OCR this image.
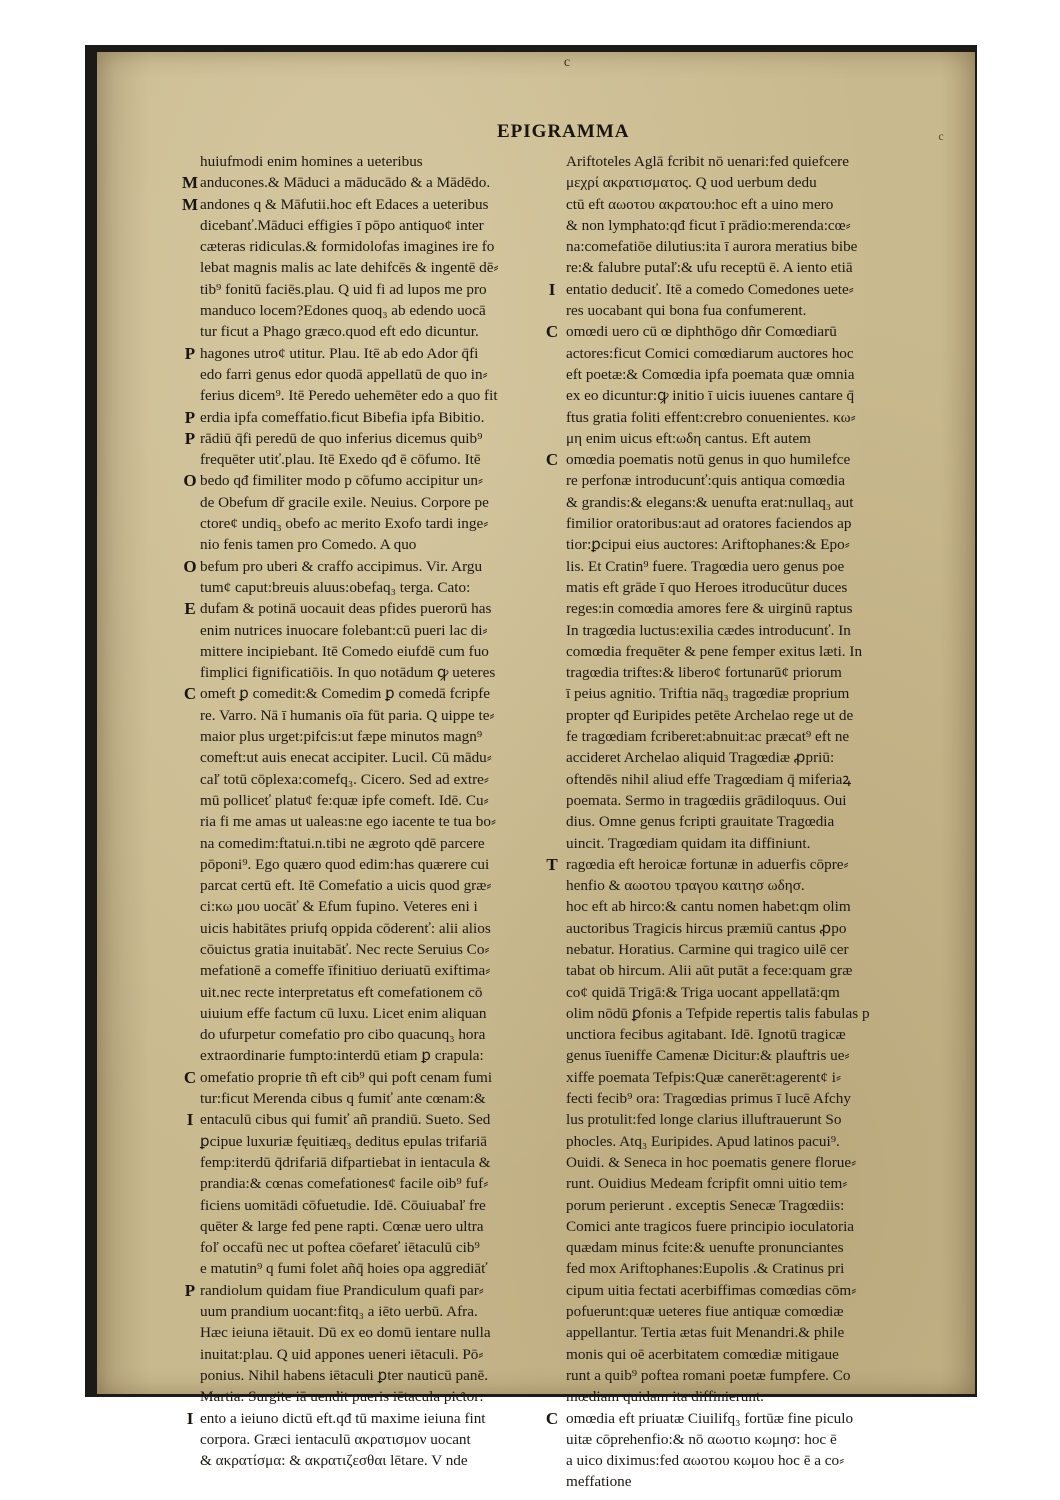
EPIGRAMMA
c
c
huiufmodi enim homines a ueteribus
M anducones.& Māduci a māducādo & a Mādēdo.
M andones q & Māfutii.hoc eft Edaces a ueteribus
dicebanť.Māduci effigies ī pōpo antiquo¢ inter
cæteras ridiculas.& formidolofas imagines ire fo
lebat magnis malis ac late dehifcēs & ingentē dē⸗
tib⁹ fonitū faciēs.plau. Q uid fi ad lupos me pro
manduco locem?Edones quoq₃ ab edendo uocā
tur ficut a Phago græco.quod eft edo dicuntur.
P hagones utro¢ utitur. Plau. Itē ab edo Ador q̄fi
edo farri genus edor quodā appellatū de quo in⸗
ferius dicem⁹. Itē Peredo uehemēter edo a quo fit
P erdia ipfa comeffatio.ficut Bibefia ipfa Bibitio.
P rādiū q̄fi peredū de quo inferius dicemus quib⁹
frequēter utiť.plau. Itē Exedo qđ ē cōfumo. Itē
O bedo qđ fimiliter modo p cōfumo accipitur un⸗
de Obefum dř gracile exile. Neuius. Corpore pe
ctore¢ undiq₃ obefo ac merito Exofo tardi inge⸗
nio fenis tamen pro Comedo. A quo
O befum pro uberi & craffo accipimus. Vir. Argu
tum¢ caput:breuis aluus:obefaq₃ terga. Cato:
E dufam & potinā uocauit deas pfides puerorū has
enim nutrices inuocare folebant:cū pueri lac di⸗
mittere incipiebant. Itē Comedo eiufdē cum fuo
fimplici fignificatiōis. In quo notādum ꝙ ueteres
C omeft ꝑ comedit:& Comedim ꝑ comedā fcripfe
re. Varro. Nā ī humanis oīa fūt paria. Q uippe te⸗
maior plus urget:pifcis:ut fæpe minutos magn⁹
comeft:ut auis enecat accipiter. Lucil. Cū mādu⸗
caľ totū cōplexa:comefq₃. Cicero. Sed ad extre⸗
mū polliceť platu¢ fe:quæ ipfe comeft. Idē. Cu⸗
ria fi me amas ut ualeas:ne ego iacente te tua bo⸗
na comedim:ftatui.n.tibi ne ægroto qdē parcere
pōponi⁹. Ego quæro quod edim:has quærere cui
parcat certū eft. Itē Comefatio a uicis quod græ⸗
ci:κω μου uocāť & Efum fupino. Veteres eni i
uicis habitātes priufq oppida cōderenť: alii alios
cōuictus gratia inuitabāť. Nec recte Seruius Co⸗
mefationē a comeffe īfinitiuo deriuatū exiftima⸗
uit.nec recte interpretatus eft comefationem cō
uiuium effe factum cū luxu. Licet enim aliquan
do ufurpetur comefatio pro cibo quacunq₃ hora
extraordinarie fumpto:interdū etiam ꝑ crapula:
C omefatio proprie tñ eft cib⁹ qui poft cenam fumi
tur:ficut Merenda cibus q fumiť ante cœnam:&
I entaculū cibus qui fumiť añ prandiū. Sueto. Sed
ꝑcipue luxuriæ fęuitiæq₃ deditus epulas trifariā
femp:iterdū q̄drifariā difpartiebat in ientacula &
prandia:& cœnas comefationes¢ facile oib⁹ fuf⸗
ficiens uomitādi cōfuetudie. Idē. Cōuiuabaľ fre
quēter & large fed pene rapti. Cœnæ uero ultra
foľ occafū nec ut poftea cōefareť iētaculū cib⁹
e matutin⁹ q fumi folet añq̄ hoies opa aggrediāť
P randiolum quidam fiue Prandiculum quafi par⸗
uum prandium uocant:fitq₃ a iēto uerbū. Afra.
Hæc ieiuna iētauit. Dū ex eo domū ientare nulla
inuitat:plau. Q uid appones ueneri iētaculi. Pō⸗
ponius. Nihil habens iētaculi ꝑter nauticū panē.
Martia. Surgite iā uendit pueris iētacula piƈtor:
I ento a ieiuno dictū eft.qđ tū maxime ieiuna fint
corpora. Græci ientaculū ακρατισμον uocant
& ακρατίσμα: & ακρατιζεσθαι lētare. V nde
Ariftoteles Aglā fcribit nō uenari:fed quiefcere
μεχρί ακρατισματος. Q uod uerbum dedu
ctū eft αωοτου ακρατου:hoc eft a uino mero
& non lymphato:qđ ficut ī prādio:merenda:cœ⸗
na:comefatiōe dilutius:ita ī aurora meratius bibe
re:& falubre putaľ:& ufu receptū ē. A iento etiā
I entatio deduciť. Itē a comedo Comedones uete⸗
res uocabant qui bona fua confumerent.
C omœdi uero cū œ diphthōgo dñr Comœdiarū
actores:ficut Comici comœdiarum auctores hoc
eft poetæ:& Comœdia ipfa poemata quæ omnia
ex eo dicuntur:ꝙ initio ī uicis iuuenes cantare q̄
ftus gratia foliti effent:crebro conuenientes. κω⸗
μη enim uicus eft:ωδη cantus. Eft autem
C omœdia poematis notū genus in quo humilefce
re perfonæ introducunť:quis antiqua comœdia
& grandis:& elegans:& uenufta erat:nullaq₃ aut
fimilior oratoribus:aut ad oratores faciendos ap
tior:ꝑcipui eius auctores: Ariftophanes:& Epo⸗
lis. Et Cratin⁹ fuere. Tragœdia uero genus poe
matis eft grāde ī quo Heroes itroducūtur duces
reges:in comœdia amores fere & uirginū raptus
In tragœdia luctus:exilia cædes introducunť. In
comœdia frequēter & pene femper exitus læti. In
tragœdia triftes:& libero¢ fortunarū¢ priorum
ī peius agnitio. Triftia nāq₃ tragœdiæ proprium
propter qđ Euripides petēte Archelao rege ut de
fe tragœdiam fcriberet:abnuit:ac præcat⁹ eft ne
accideret Archelao aliquid Tragœdiæ ꝓpriū:
oftendēs nihil aliud effe Tragœdiam q̄ miferiaꝝ
poemata. Sermo in tragœdiis grādiloquus. Oui
dius. Omne genus fcripti grauitate Tragœdia
uincit. Tragœdiam quidam ita diffiniunt.
T ragœdia eft heroicæ fortunæ in aduerfis cōpre⸗
henfio & αωοτου τραγου καιτησ ωδησ.
hoc eft ab hirco:& cantu nomen habet:qm olim
auctoribus Tragicis hircus præmiū cantus ꝓpo
nebatur. Horatius. Carmine qui tragico uilē cer
tabat ob hircum. Alii aūt putāt a fece:quam græ
co¢ quidā Trigā:& Triga uocant appellatā:qm
olim nōdū ꝑfonis a Tefpide repertis talis fabulas p
unctiora fecibus agitabant. Idē. Ignotū tragicæ
genus īueniffe Camenæ Dicitur:& plauftris ue⸗
xiffe poemata Tefpis:Quæ canerēt:agerent¢ i⸗
fecti fecib⁹ ora: Tragœdias primus ī lucē Afchy
lus protulit:fed longe clarius illuftrauerunt So
phocles. Atq₃ Euripides. Apud latinos pacui⁹.
Ouidi. & Seneca in hoc poematis genere florue⸗
runt. Ouidius Medeam fcripfit omni uitio tem⸗
porum perierunt . exceptis Senecæ Tragœdiis:
Comici ante tragicos fuere principio ioculatoria
quædam minus fcite:& uenufte pronunciantes
fed mox Ariftophanes:Eupolis .& Cratinus pri
cipum uitia fectati acerbiffimas comœdias cōm⸗
pofuerunt:quæ ueteres fiue antiquæ comœdiæ
appellantur. Tertia ætas fuit Menandri.& phile
monis qui oē acerbitatem comœdiæ mitigaue
runt a quib⁹ poftea romani poetæ fumpfere. Co
mœdiam quidam ita diffinierunt.
C omœdia eft priuatæ Ciuilifq₃ fortūæ fine piculo
uitæ cōprehenfio:& nō αωοτιο κωμησ: hoc ē
a uico diximus:fed αωοτου κωμου hoc ē a co⸗
meffatione
